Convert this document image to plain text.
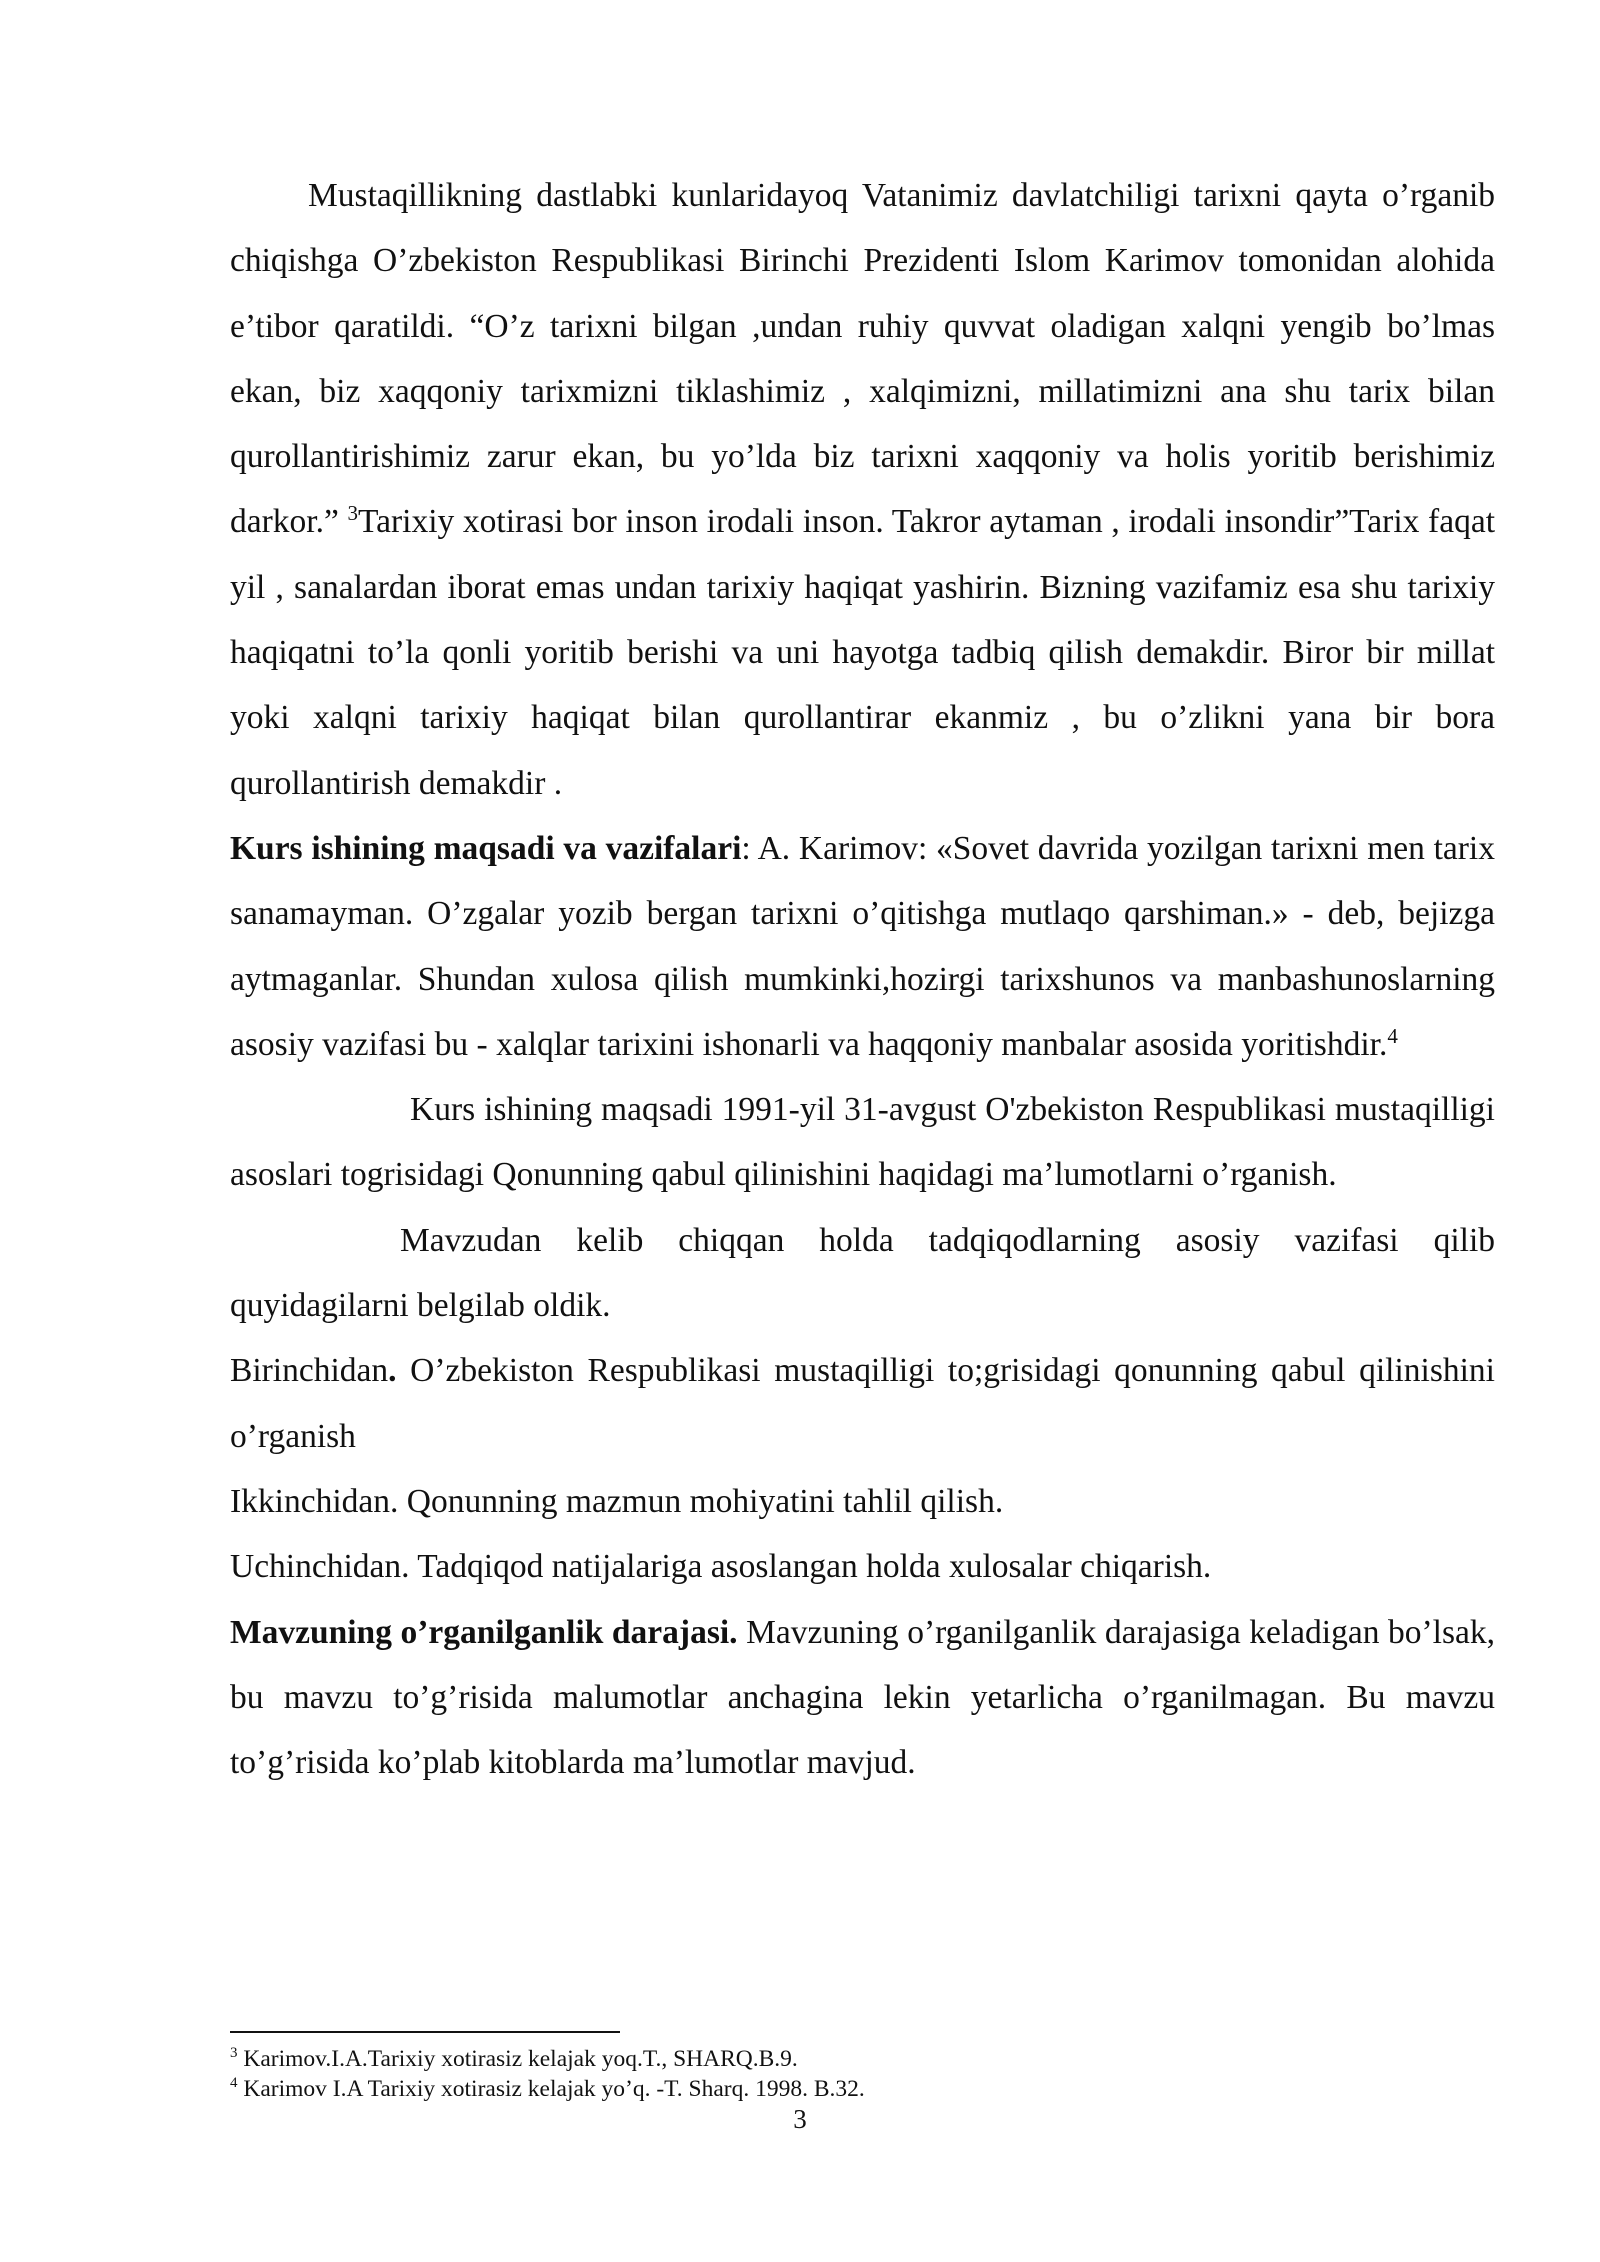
Mustaqillikning dastlabki kunlaridayoq Vatanimiz davlatchiligi tarixni qayta o’rganib chiqishga O’zbekiston Respublikasi Birinchi Prezidenti Islom Karimov tomonidan alohida e’tibor qaratildi. “O’z tarixni bilgan ,undan ruhiy quvvat oladigan xalqni yengib bo’lmas ekan, biz xaqqoniy tarixmizni tiklashimiz , xalqimizni, millatimizni ana shu tarix bilan qurollantirishimiz zarur ekan, bu yo’lda biz tarixni xaqqoniy va holis yoritib berishimiz darkor.” $^3$Tarixiy xotirasi bor inson irodali inson. Takror aytaman , irodali insondir”Tarix faqat yil , sanalardan iborat emas undan tarixiy haqiqat yashirin. Bizning vazifamiz esa shu tarixiy haqiqatni to’la qonli yoritib berishi va uni hayotga tadbiq qilish demakdir. Biror bir millat yoki xalqni tarixiy haqiqat bilan qurollantirar ekanmiz , bu o’zlikni yana bir bora qurollantirish demakdir .

Kurs ishining maqsadi va vazifalari: A. Karimov: «Sovet davrida yozilgan tarixni men tarix sanamayman. O’zgalar yozib bergan tarixni o’qitishga mutlaqo qarshiman.» - deb, bejizga aytmaganlar. Shundan xulosa qilish mumkinki,hozirgi tarixshunos va manbashunoslarning asosiy vazifasi bu - xalqlar tarixini ishonarli va haqqoniy manbalar asosida yoritishdir.$^4$

Kurs ishining maqsadi 1991-yil 31-avgust O'zbekiston Respublikasi mustaqilligi asoslari togrisidagi Qonunning qabul qilinishini haqidagi ma’lumotlarni o’rganish.

Mavzudan kelib chiqqan holda tadqiqodlarning asosiy vazifasi qilib quyidagilarni belgilab oldik.

Birinchidan. O’zbekiston Respublikasi mustaqilligi to;grisidagi qonunning qabul qilinishini o’rganish

Ikkinchidan. Qonunning mazmun mohiyatini tahlil qilish.

Uchinchidan. Tadqiqod natijalariga asoslangan holda xulosalar chiqarish.

Mavzuning o’rganilganlik darajasi. Mavzuning o’rganilganlik darajasiga keladigan bo’lsak, bu mavzu to’g’risida malumotlar anchagina lekin yetarlicha o’rganilmagan. Bu mavzu to’g’risida ko’plab kitoblarda ma’lumotlar mavjud.

$^3$ Karimov.I.A.Tarixiy xotirasiz kelajak yoq.T., SHARQ.B.9.

$^4$ Karimov I.A Tarixiy xotirasiz kelajak yo’q. -T. Sharq. 1998. B.32.

3
